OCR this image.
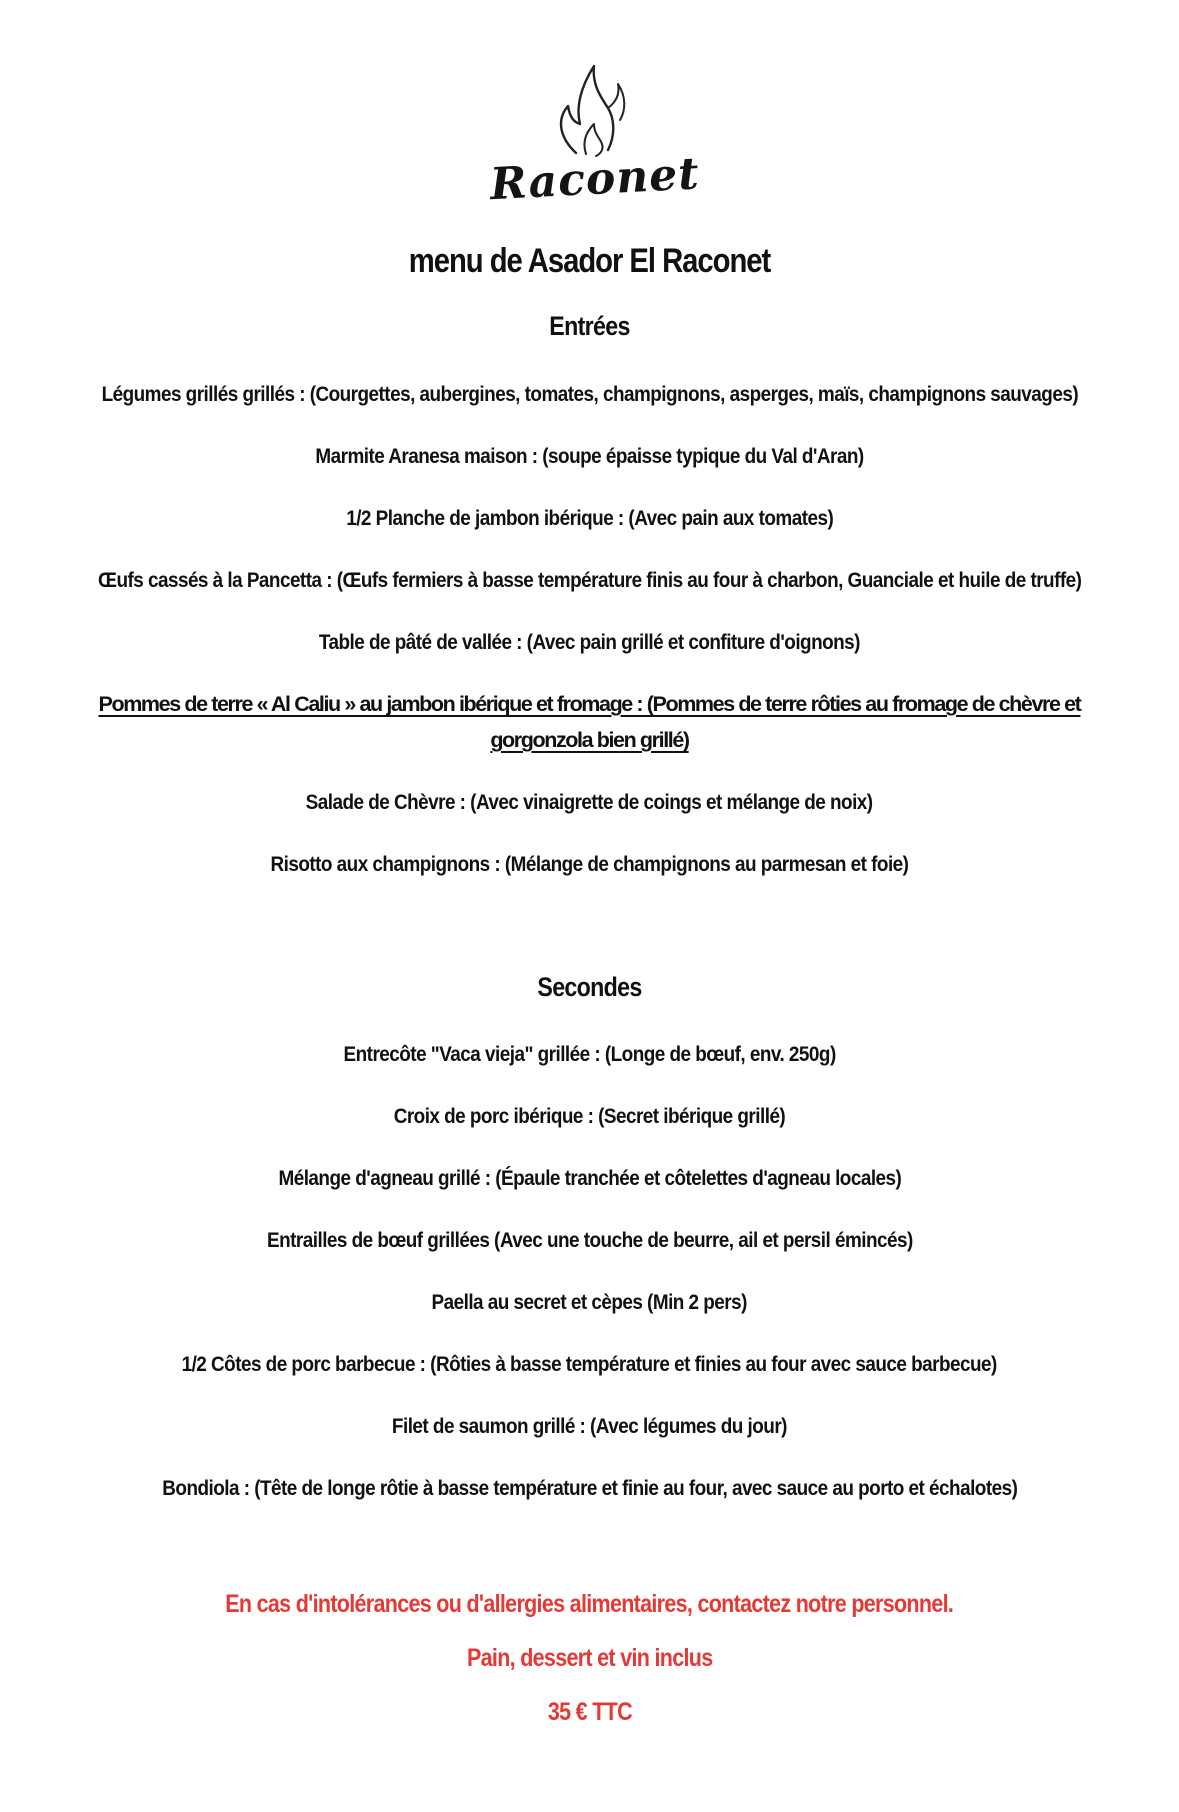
Raconet
menu de Asador El Raconet
Entrées
Légumes grillés grillés : (Courgettes, aubergines, tomates, champignons, asperges, maïs, champignons sauvages)
Marmite Aranesa maison : (soupe épaisse typique du Val d'Aran)
1/2 Planche de jambon ibérique : (Avec pain aux tomates)
Œufs cassés à la Pancetta : (Œufs fermiers à basse température finis au four à charbon, Guanciale et huile de truffe)
Table de pâté de vallée : (Avec pain grillé et confiture d'oignons)
Pommes de terre « Al Caliu » au jambon ibérique et fromage : (Pommes de terre rôties au fromage de chèvre et gorgonzola bien grillé)
Salade de Chèvre : (Avec vinaigrette de coings et mélange de noix)
Risotto aux champignons : (Mélange de champignons au parmesan et foie)
Secondes
Entrecôte "Vaca vieja" grillée : (Longe de bœuf, env. 250g)
Croix de porc ibérique : (Secret ibérique grillé)
Mélange d'agneau grillé : (Épaule tranchée et côtelettes d'agneau locales)
Entrailles de bœuf grillées (Avec une touche de beurre, ail et persil émincés)
Paella au secret et cèpes (Min 2 pers)
1/2 Côtes de porc barbecue : (Rôties à basse température et finies au four avec sauce barbecue)
Filet de saumon grillé : (Avec légumes du jour)
Bondiola : (Tête de longe rôtie à basse température et finie au four, avec sauce au porto et échalotes)
En cas d'intolérances ou d'allergies alimentaires, contactez notre personnel.
Pain, dessert et vin inclus
35 € TTC
